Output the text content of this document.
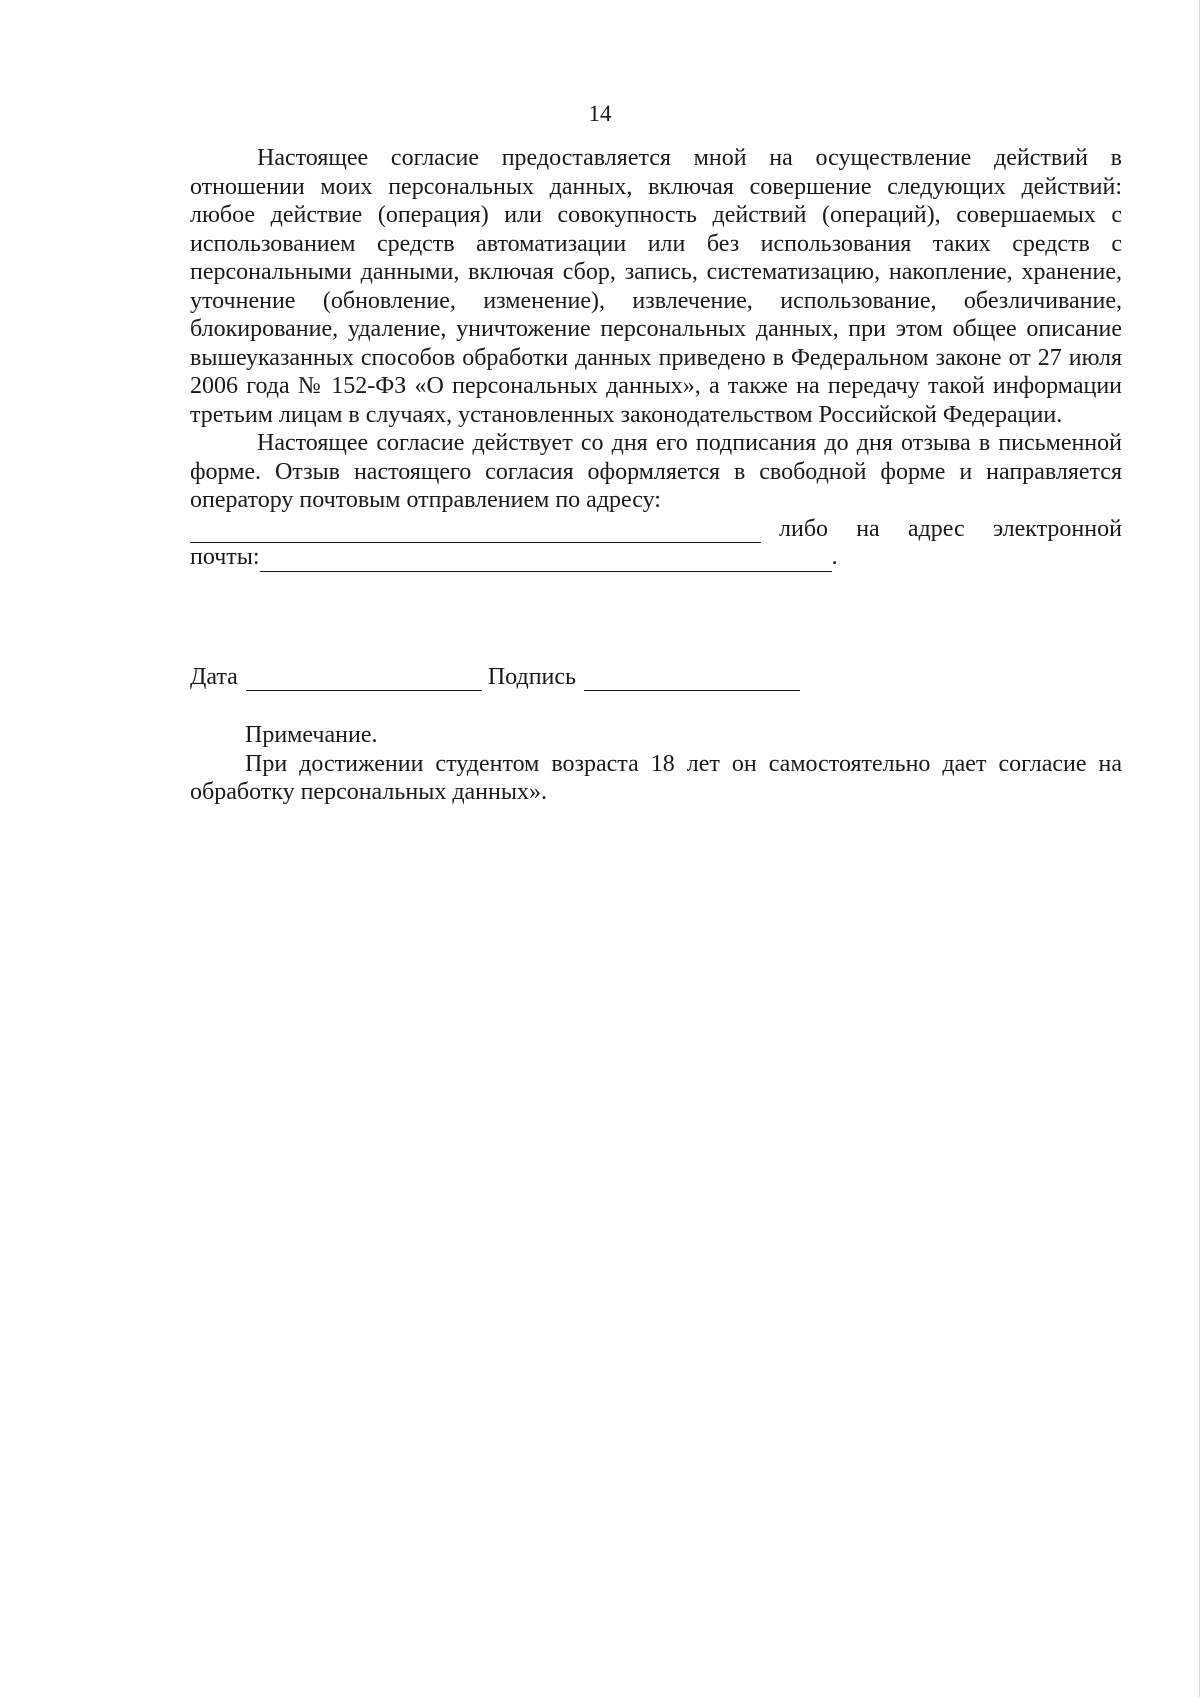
14

Настоящее согласие предоставляется мной на осуществление действий в отношении моих персональных данных, включая совершение следующих действий: любое действие (операция) или совокупность действий (операций), совершаемых с использованием средств автоматизации или без использования таких средств с персональными данными, включая сбор, запись, систематизацию, накопление, хранение, уточнение (обновление, изменение), извлечение, использование, обезличивание, блокирование, удаление, уничтожение персональных данных, при этом общее описание вышеуказанных способов обработки данных приведено в Федеральном законе от 27 июля 2006 года № 152-ФЗ «О персональных данных», а также на передачу такой информации третьим лицам в случаях, установленных законодательством Российской Федерации.

Настоящее согласие действует со дня его подписания до дня отзыва в письменной форме. Отзыв настоящего согласия оформляется в свободной форме и направляется оператору почтовым отправлением по адресу:

либо на адрес электронной
почты:	.
Дата	Подпись

Примечание.

При достижении студентом возраста 18 лет он самостоятельно дает согласие на обработку персональных данных».
